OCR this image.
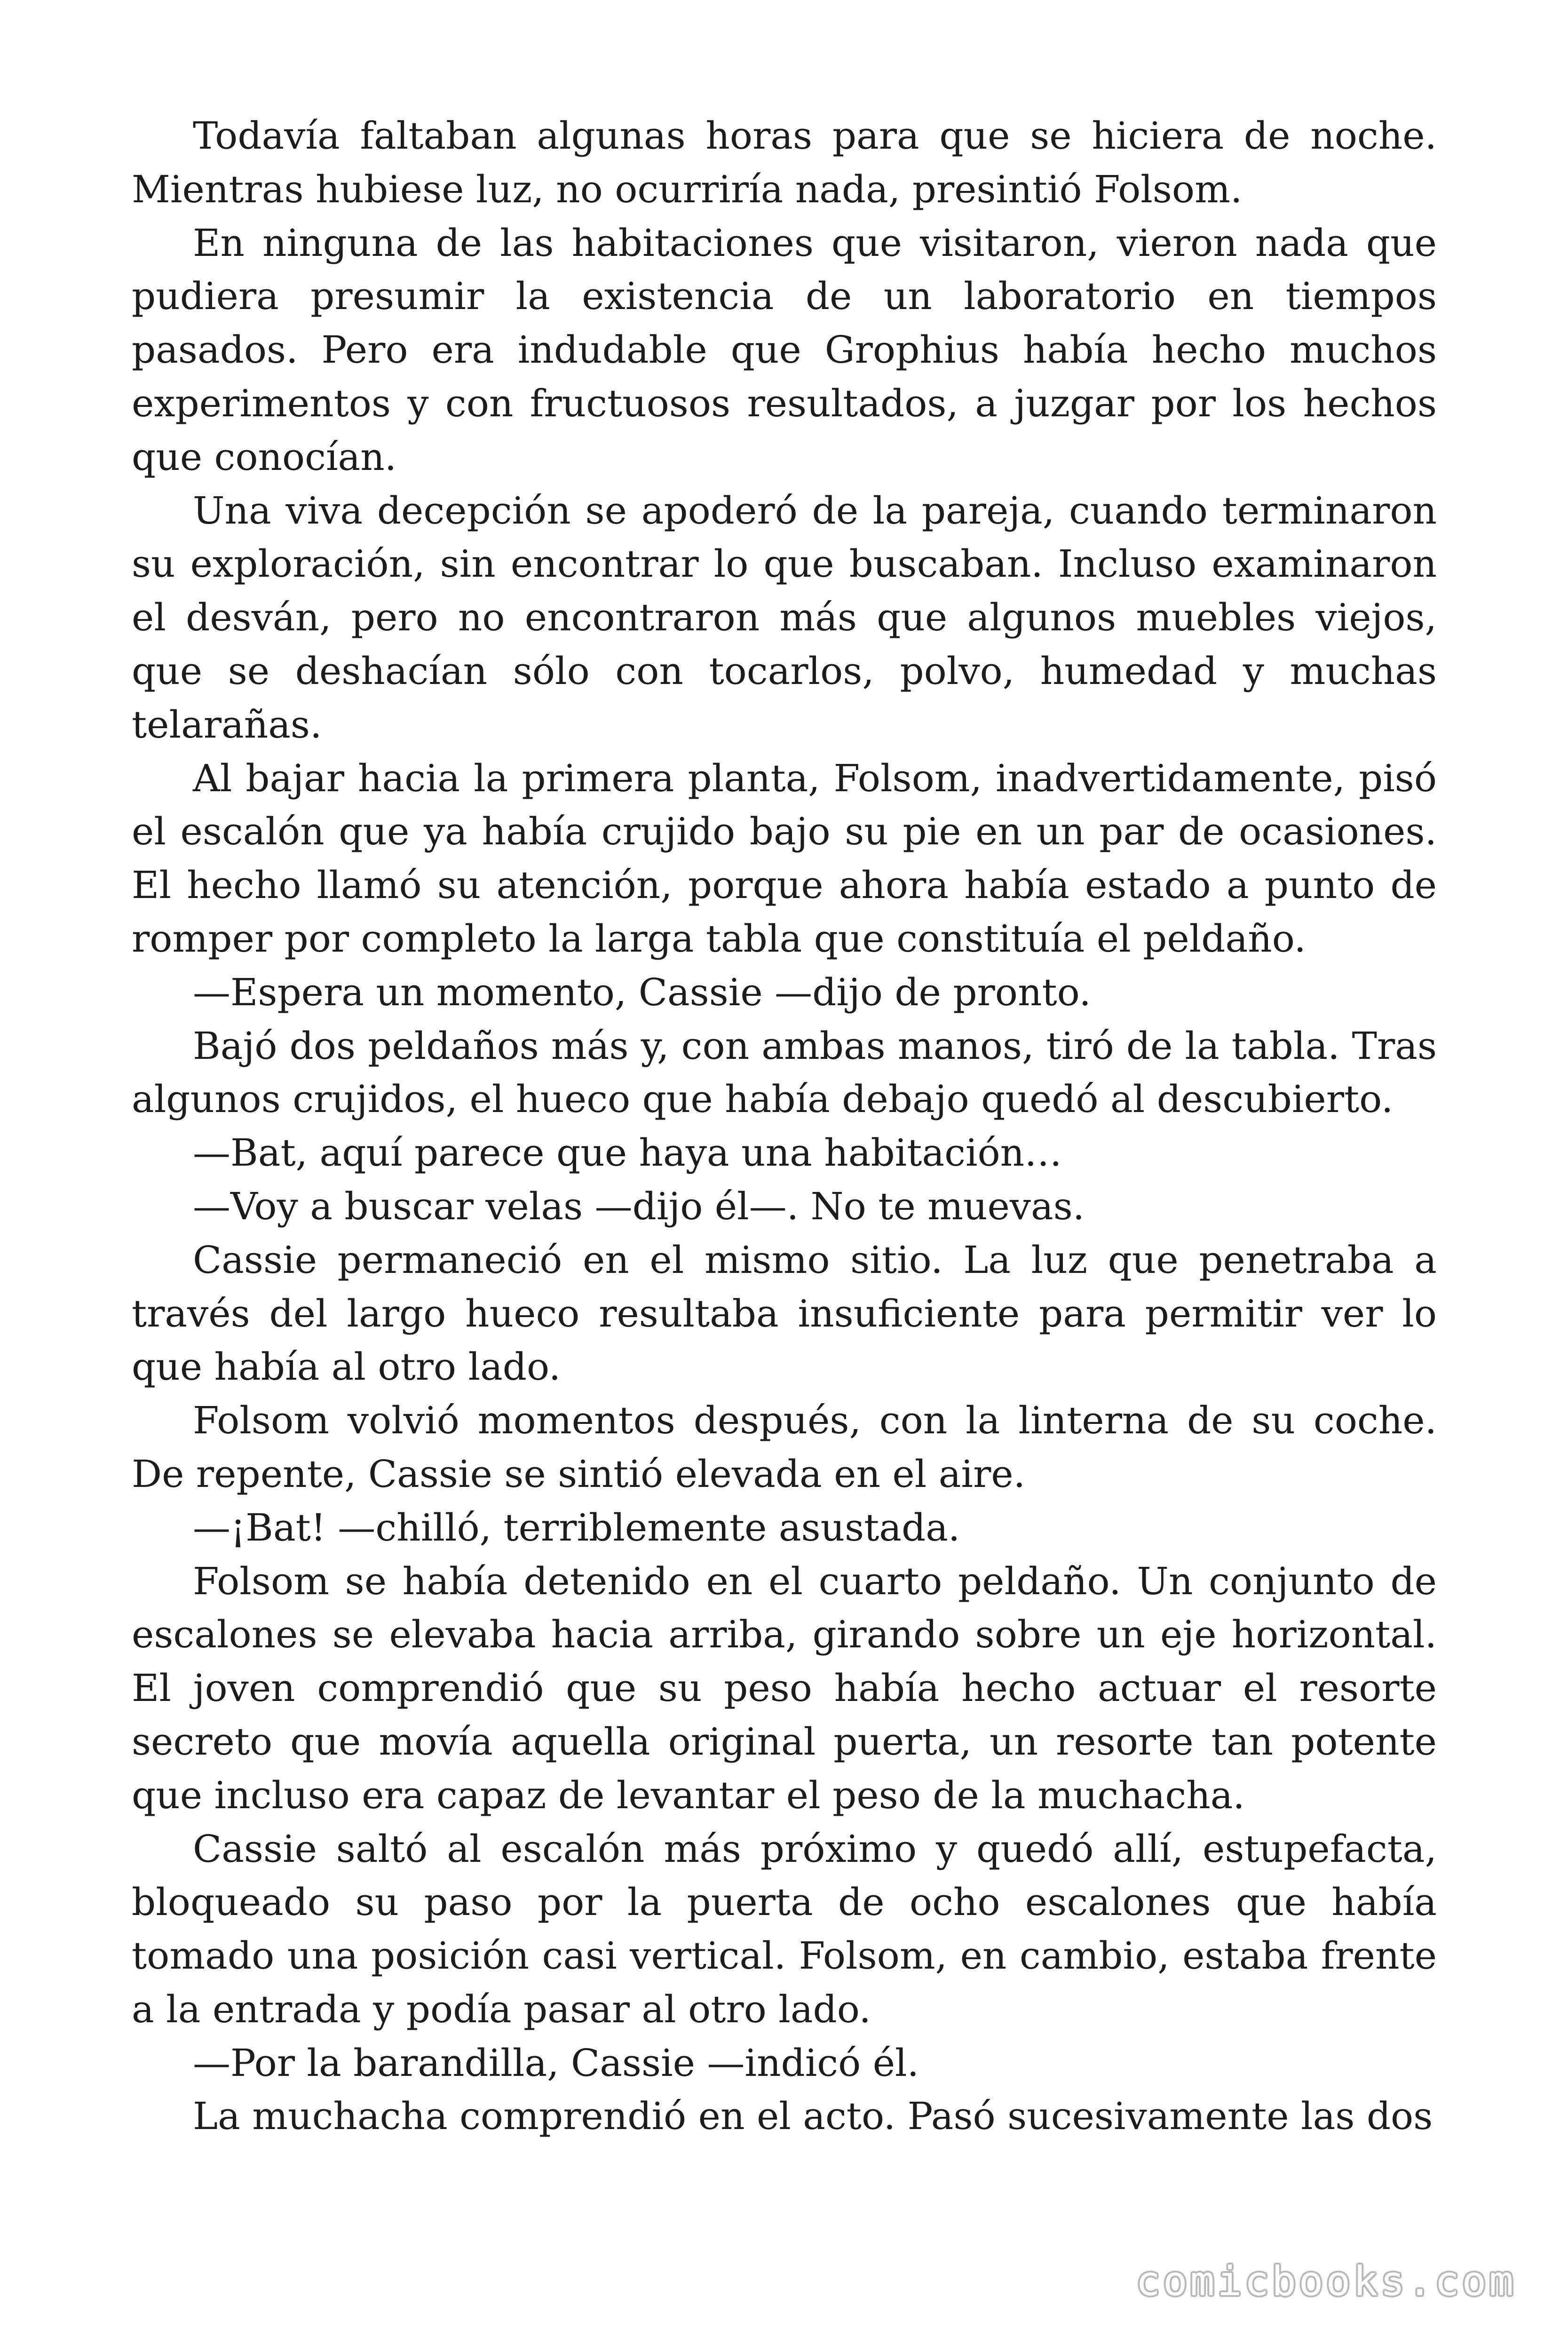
Todavía faltaban algunas horas para que se hiciera de noche. Mientras hubiese luz, no ocurriría nada, presintió Folsom.

En ninguna de las habitaciones que visitaron, vieron nada que pudiera presumir la existencia de un laboratorio en tiempos pasados. Pero era indudable que Grophius había hecho muchos experimentos y con fructuosos resultados, a juzgar por los hechos que conocían.

Una viva decepción se apoderó de la pareja, cuando terminaron su exploración, sin encontrar lo que buscaban. Incluso examinaron el desván, pero no encontraron más que algunos muebles viejos, que se deshacían sólo con tocarlos, polvo, humedad y muchas telarañas.

Al bajar hacia la primera planta, Folsom, inadvertidamente, pisó el escalón que ya había crujido bajo su pie en un par de ocasiones. El hecho llamó su atención, porque ahora había estado a punto de romper por completo la larga tabla que constituía el peldaño.

—Espera un momento, Cassie —dijo de pronto.

Bajó dos peldaños más y, con ambas manos, tiró de la tabla. Tras algunos crujidos, el hueco que había debajo quedó al descubierto.

—Bat, aquí parece que haya una habitación…

—Voy a buscar velas —dijo él—. No te muevas.

Cassie permaneció en el mismo sitio. La luz que penetraba a través del largo hueco resultaba insuficiente para permitir ver lo que había al otro lado.

Folsom volvió momentos después, con la linterna de su coche. De repente, Cassie se sintió elevada en el aire.

—¡Bat! —chilló, terriblemente asustada.

Folsom se había detenido en el cuarto peldaño. Un conjunto de escalones se elevaba hacia arriba, girando sobre un eje horizontal. El joven comprendió que su peso había hecho actuar el resorte secreto que movía aquella original puerta, un resorte tan potente que incluso era capaz de levantar el peso de la muchacha.

Cassie saltó al escalón más próximo y quedó allí, estupefacta, bloqueado su paso por la puerta de ocho escalones que había tomado una posición casi vertical. Folsom, en cambio, estaba frente a la entrada y podía pasar al otro lado.

—Por la barandilla, Cassie —indicó él.

La muchacha comprendió en el acto. Pasó sucesivamente las dos

comicbooks.com
